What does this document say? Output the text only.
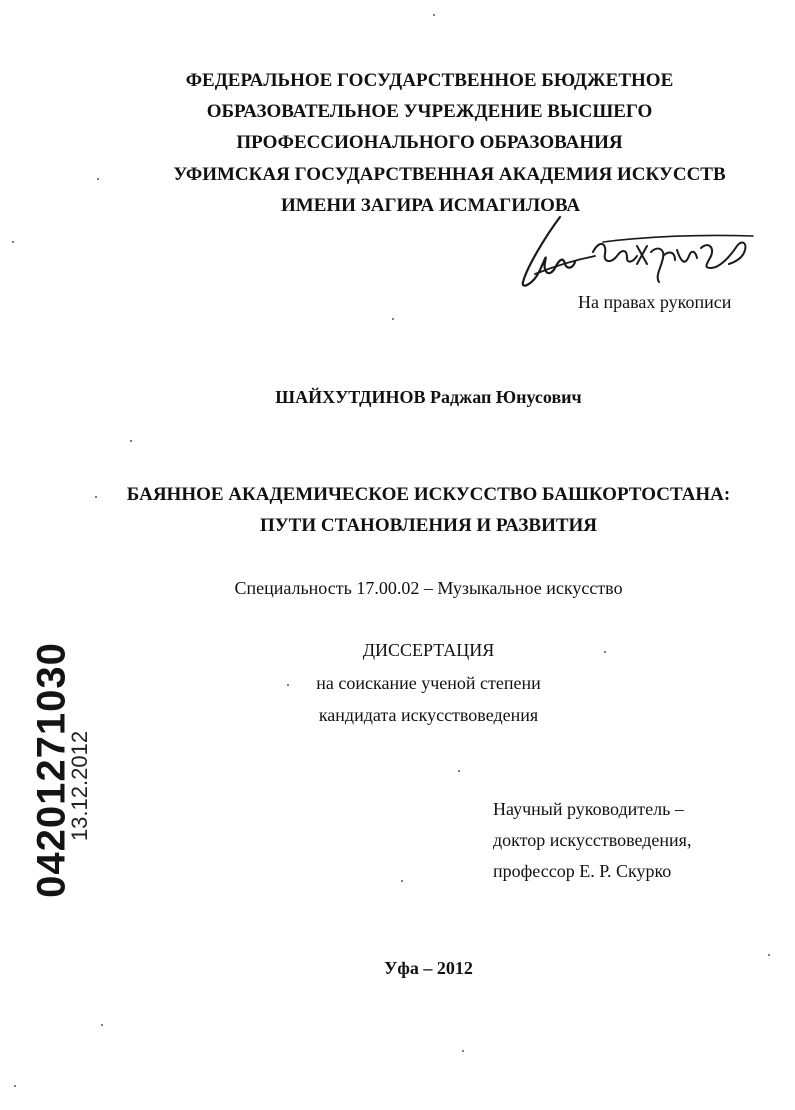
ФЕДЕРАЛЬНОЕ ГОСУДАРСТВЕННОЕ БЮДЖЕТНОЕ
ОБРАЗОВАТЕЛЬНОЕ УЧРЕЖДЕНИЕ ВЫСШЕГО
ПРОФЕССИОНАЛЬНОГО ОБРАЗОВАНИЯ
УФИМСКАЯ ГОСУДАРСТВЕННАЯ АКАДЕМИЯ ИСКУССТВ
ИМЕНИ ЗАГИРА ИСМАГИЛОВА
На правах рукописи
ШАЙХУТДИНОВ Раджап Юнусович
БАЯННОЕ АКАДЕМИЧЕСКОЕ ИСКУССТВО БАШКОРТОСТАНА:
ПУТИ СТАНОВЛЕНИЯ И РАЗВИТИЯ
Специальность 17.00.02 – Музыкальное искусство
ДИССЕРТАЦИЯ
на соискание ученой степени
кандидата искусствоведения
Научный руководитель –
доктор искусствоведения,
профессор Е. Р. Скурко
Уфа – 2012
04201271030
13.12.2012
